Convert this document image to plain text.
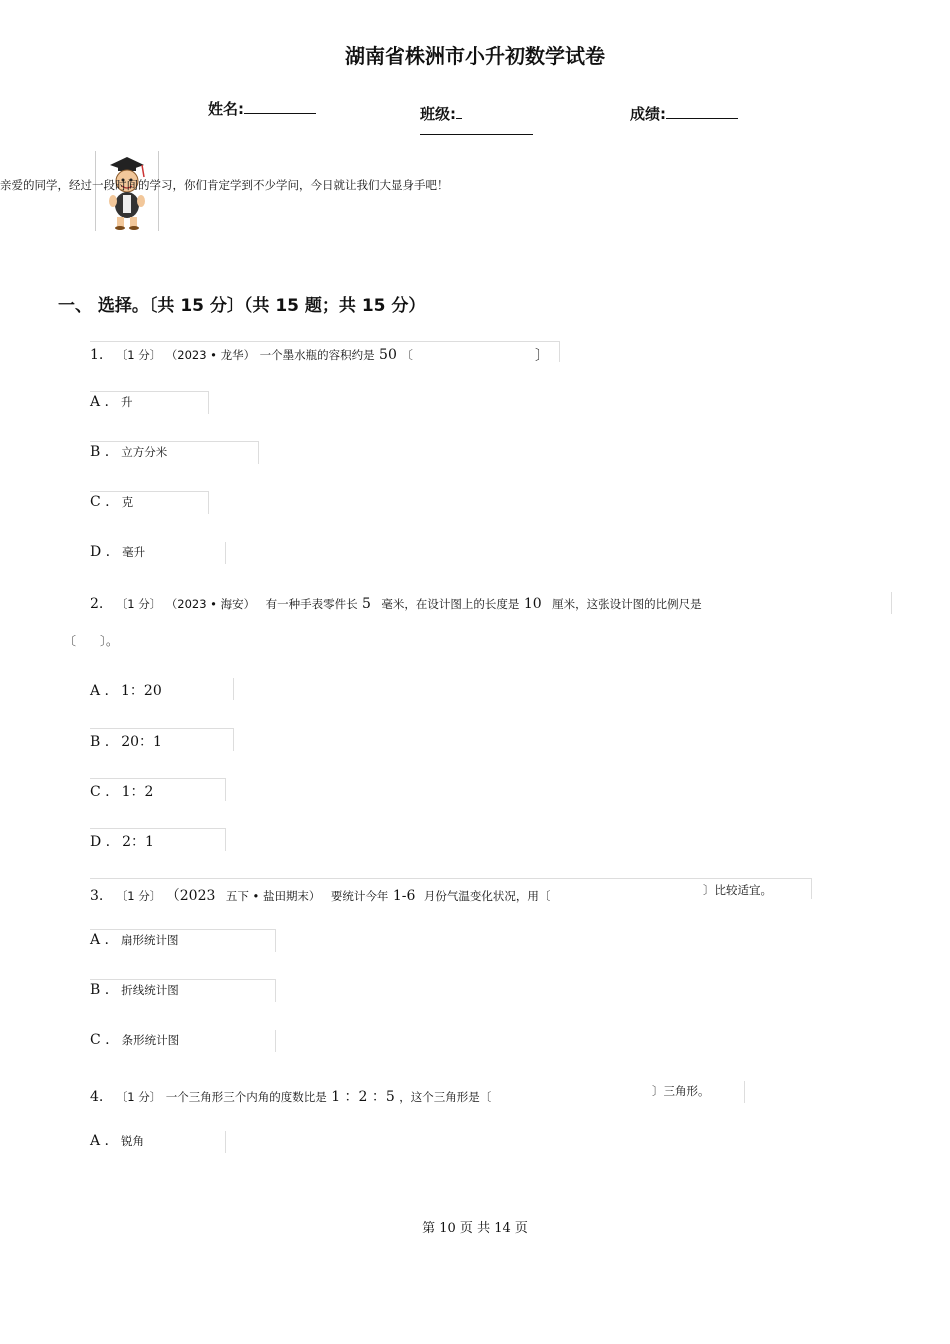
湖南省株洲市小升初数学试卷
姓名:	班级:	成绩:
亲爱的同学，经过一段时间的学习，你们肯定学到不少学问，今日就让我们大显身手吧！
一、 选择。〔共 15 分〕（共 15 题；共 15 分）
1. 〔1 分〕 （2023 • 龙华） 一个墨水瓶的容积约是 50 〔	〕
A . 升
B . 立方分米
C . 克
D . 毫升
2. 〔1 分〕 （2023 • 海安） 有一种手表零件长 5 毫米，在设计图上的长度是 10 厘米，这张设计图的比例尺是
〔　　〕。
A . 1：20
B . 20：1
C . 1：2
D . 2：1
3. 〔1 分〕 （2023 五下 • 盐田期末） 要统计今年 1-6 月份气温变化状况，用〔	〕比较适宜。
A . 扇形统计图
B . 折线统计图
C . 条形统计图
4. 〔1 分〕 一个三角形三个内角的度数比是 1 ：2 ：5 ，这个三角形是〔	〕三角形。
A . 锐角
第 10 页 共 14 页
